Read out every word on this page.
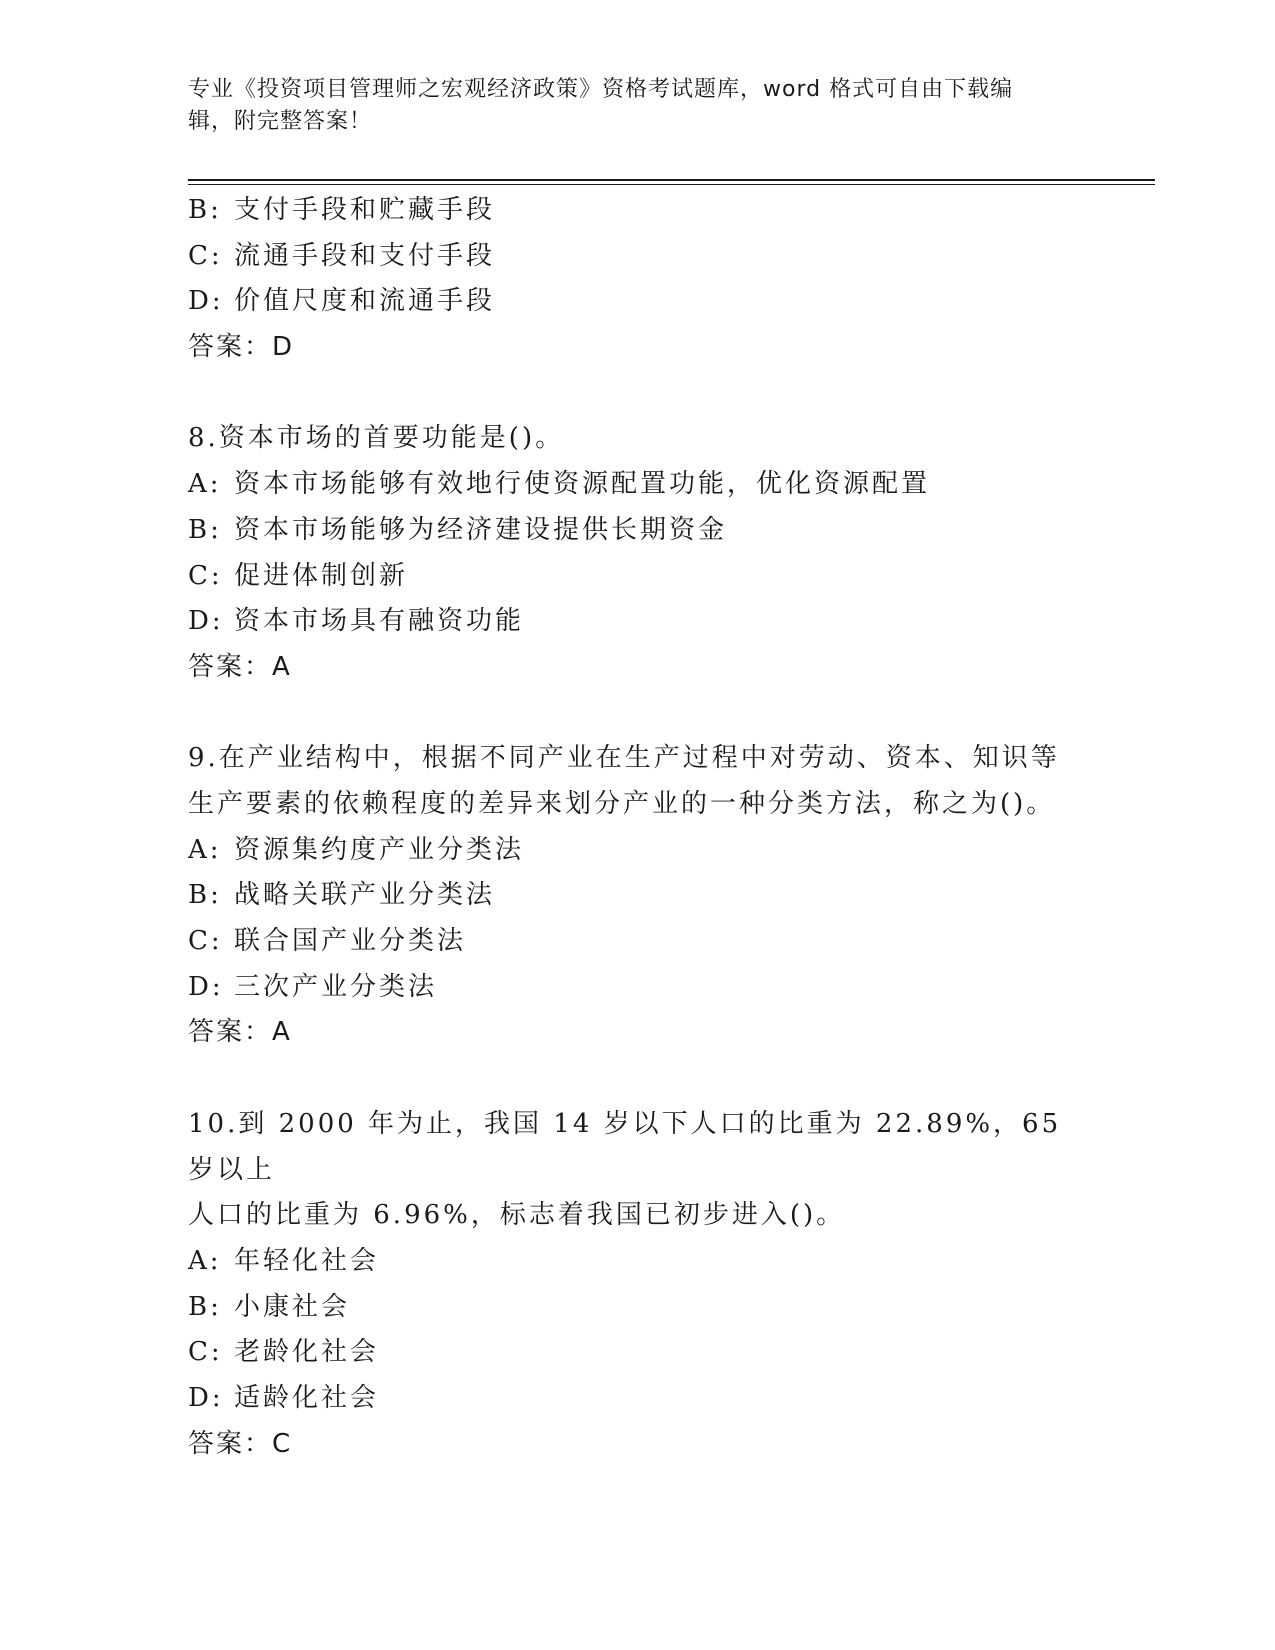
专业《投资项目管理师之宏观经济政策》资格考试题库，word 格式可自由下载编
辑，附完整答案！
B: 支付手段和贮藏手段
C: 流通手段和支付手段
D: 价值尺度和流通手段
答案：D
8.资本市场的首要功能是()。
A: 资本市场能够有效地行使资源配置功能，优化资源配置
B: 资本市场能够为经济建设提供长期资金
C: 促进体制创新
D: 资本市场具有融资功能
答案：A
9.在产业结构中，根据不同产业在生产过程中对劳动、资本、知识等
生产要素的依赖程度的差异来划分产业的一种分类方法，称之为()。
A: 资源集约度产业分类法
B: 战略关联产业分类法
C: 联合国产业分类法
D: 三次产业分类法
答案：A
10.到 2000 年为止，我国 14 岁以下人口的比重为 22.89%，65 岁以上
人口的比重为 6.96%，标志着我国已初步进入()。
A: 年轻化社会
B: 小康社会
C: 老龄化社会
D: 适龄化社会
答案：C
